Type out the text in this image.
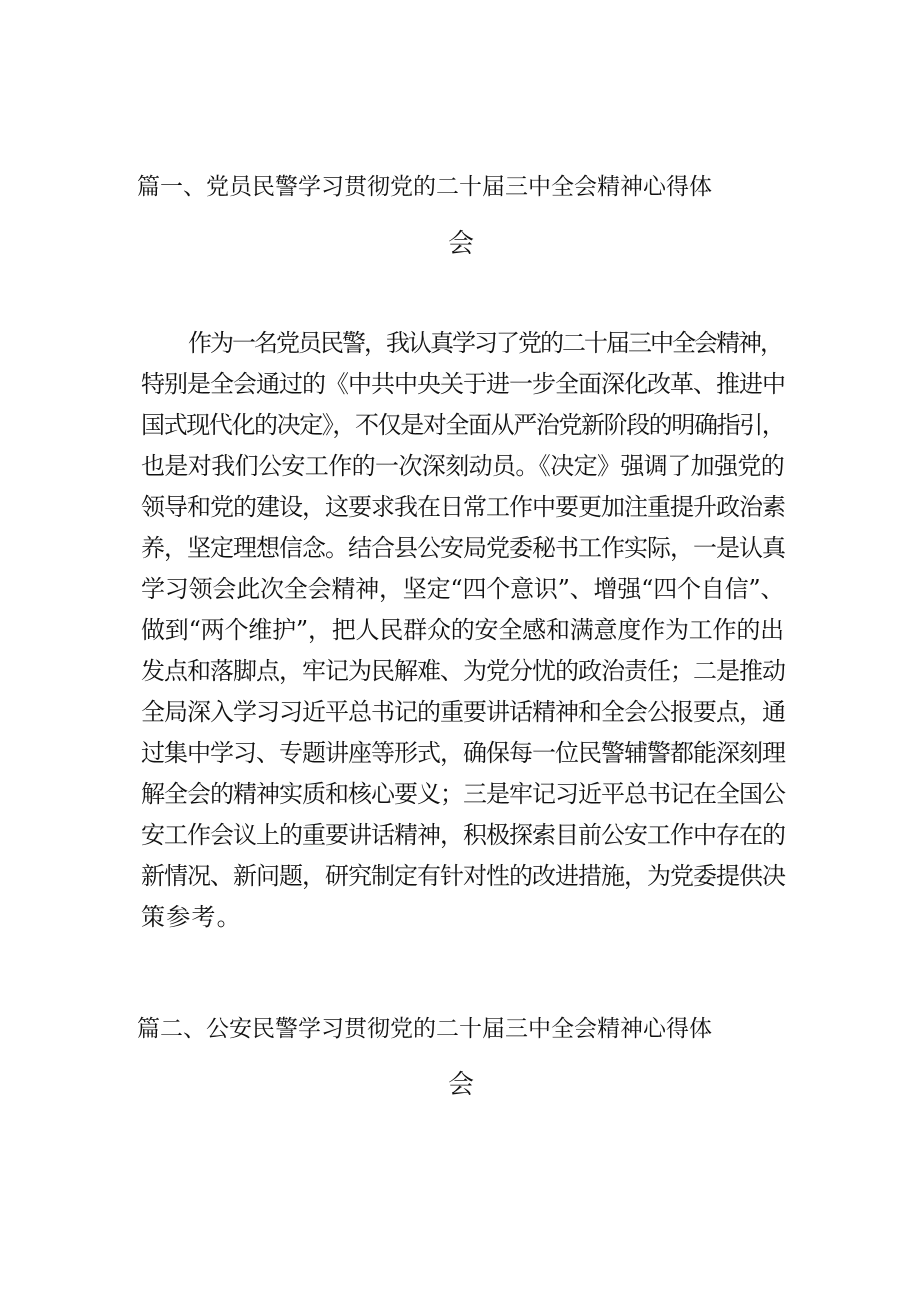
篇一、党员民警学习贯彻党的二十届三中全会精神心得体
会
作为一名党员民警，我认真学习了党的二十届三中全会精神，
特别是全会通过的《中共中央关于进一步全面深化改革、推进中
国式现代化的决定》，不仅是对全面从严治党新阶段的明确指引，
也是对我们公安工作的一次深刻动员。《决定》强调了加强党的
领导和党的建设，这要求我在日常工作中要更加注重提升政治素
养，坚定理想信念。结合县公安局党委秘书工作实际，一是认真
学习领会此次全会精神，坚定“四个意识”、增强“四个自信”、
做到“两个维护”，把人民群众的安全感和满意度作为工作的出
发点和落脚点，牢记为民解难、为党分忧的政治责任；二是推动
全局深入学习习近平总书记的重要讲话精神和全会公报要点，通
过集中学习、专题讲座等形式，确保每一位民警辅警都能深刻理
解全会的精神实质和核心要义；三是牢记习近平总书记在全国公
安工作会议上的重要讲话精神，积极探索目前公安工作中存在的
新情况、新问题，研究制定有针对性的改进措施，为党委提供决
策参考。
篇二、公安民警学习贯彻党的二十届三中全会精神心得体
会
